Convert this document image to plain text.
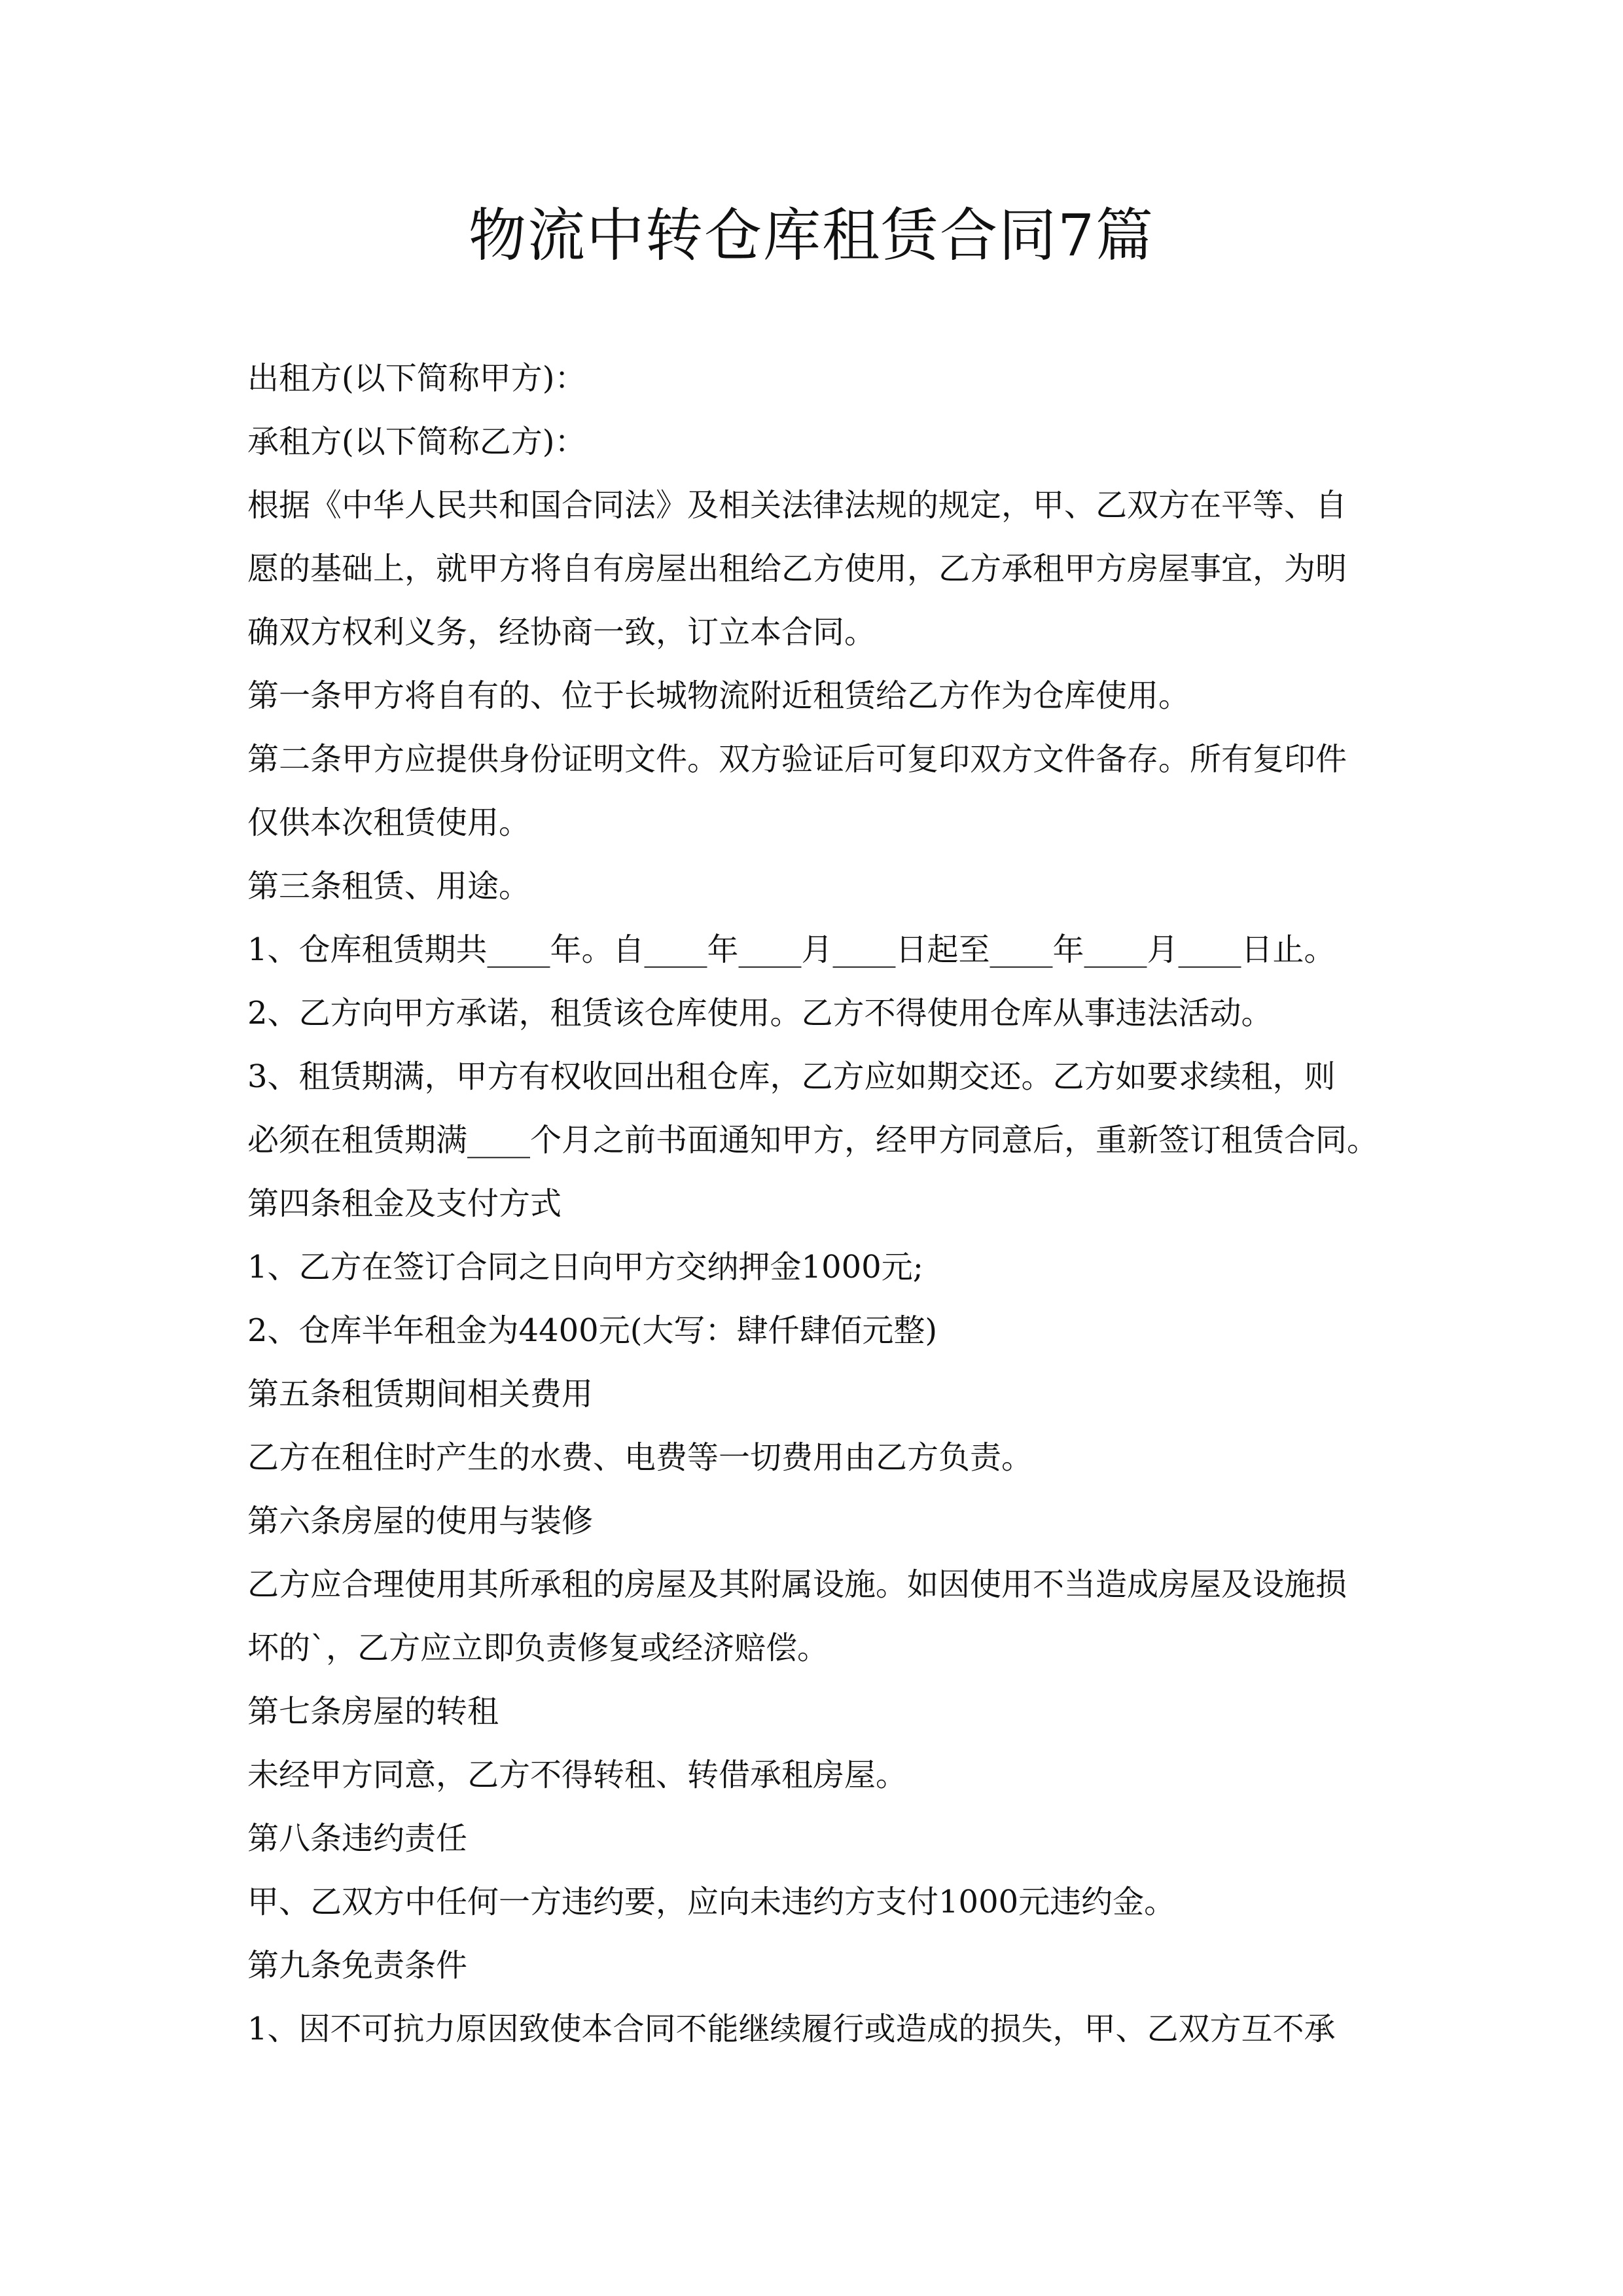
物流中转仓库租赁合同7篇
出租方(以下简称甲方)：
承租方(以下简称乙方)：
根据《中华人民共和国合同法》及相关法律法规的规定，甲、乙双方在平等、自
愿的基础上，就甲方将自有房屋出租给乙方使用，乙方承租甲方房屋事宜，为明
确双方权利义务，经协商一致，订立本合同。
第一条甲方将自有的、位于长城物流附近租赁给乙方作为仓库使用。
第二条甲方应提供身份证明文件。双方验证后可复印双方文件备存。所有复印件
仅供本次租赁使用。
第三条租赁、用途。
1、仓库租赁期共____年。自____年____月____日起至____年____月____日止。
2、乙方向甲方承诺，租赁该仓库使用。乙方不得使用仓库从事违法活动。
3、租赁期满，甲方有权收回出租仓库，乙方应如期交还。乙方如要求续租，则
必须在租赁期满____个月之前书面通知甲方，经甲方同意后，重新签订租赁合同。
第四条租金及支付方式
1、乙方在签订合同之日向甲方交纳押金1000元;
2、仓库半年租金为4400元(大写：肆仟肆佰元整)
第五条租赁期间相关费用
乙方在租住时产生的水费、电费等一切费用由乙方负责。
第六条房屋的使用与装修
乙方应合理使用其所承租的房屋及其附属设施。如因使用不当造成房屋及设施损
坏的`，乙方应立即负责修复或经济赔偿。
第七条房屋的转租
未经甲方同意，乙方不得转租、转借承租房屋。
第八条违约责任
甲、乙双方中任何一方违约要，应向未违约方支付1000元违约金。
第九条免责条件
1、因不可抗力原因致使本合同不能继续履行或造成的损失，甲、乙双方互不承
